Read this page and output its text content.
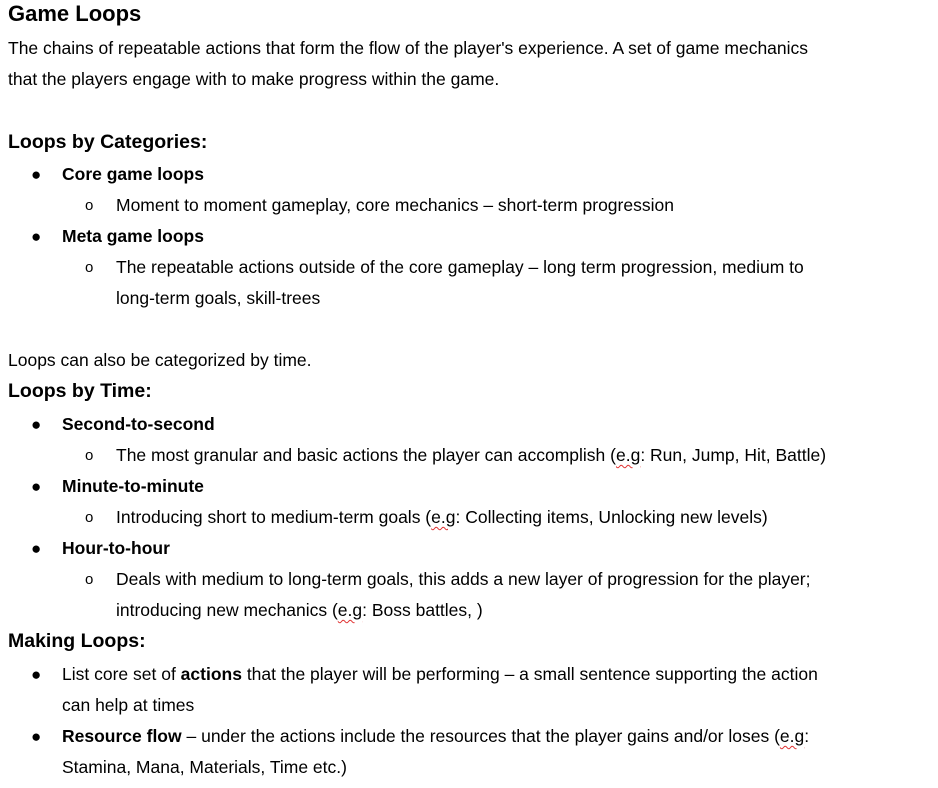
Game Loops

The chains of repeatable actions that form the flow of the player's experience. A set of game mechanics

that the players engage with to make progress within the game.

Loops by Categories:

● Core game loops

o Moment to moment gameplay, core mechanics – short-term progression

● Meta game loops

o The repeatable actions outside of the core gameplay – long term progression, medium to

long-term goals, skill-trees

Loops can also be categorized by time.

Loops by Time:

● Second-to-second

o The most granular and basic actions the player can accomplish (e.g: Run, Jump, Hit, Battle)

● Minute-to-minute

o Introducing short to medium-term goals (e.g: Collecting items, Unlocking new levels)

● Hour-to-hour

o Deals with medium to long-term goals, this adds a new layer of progression for the player;

introducing new mechanics (e.g: Boss battles, )

Making Loops:

● List core set of actions that the player will be performing – a small sentence supporting the action

can help at times

● Resource flow – under the actions include the resources that the player gains and/or loses (e.g:

Stamina, Mana, Materials, Time etc.)
